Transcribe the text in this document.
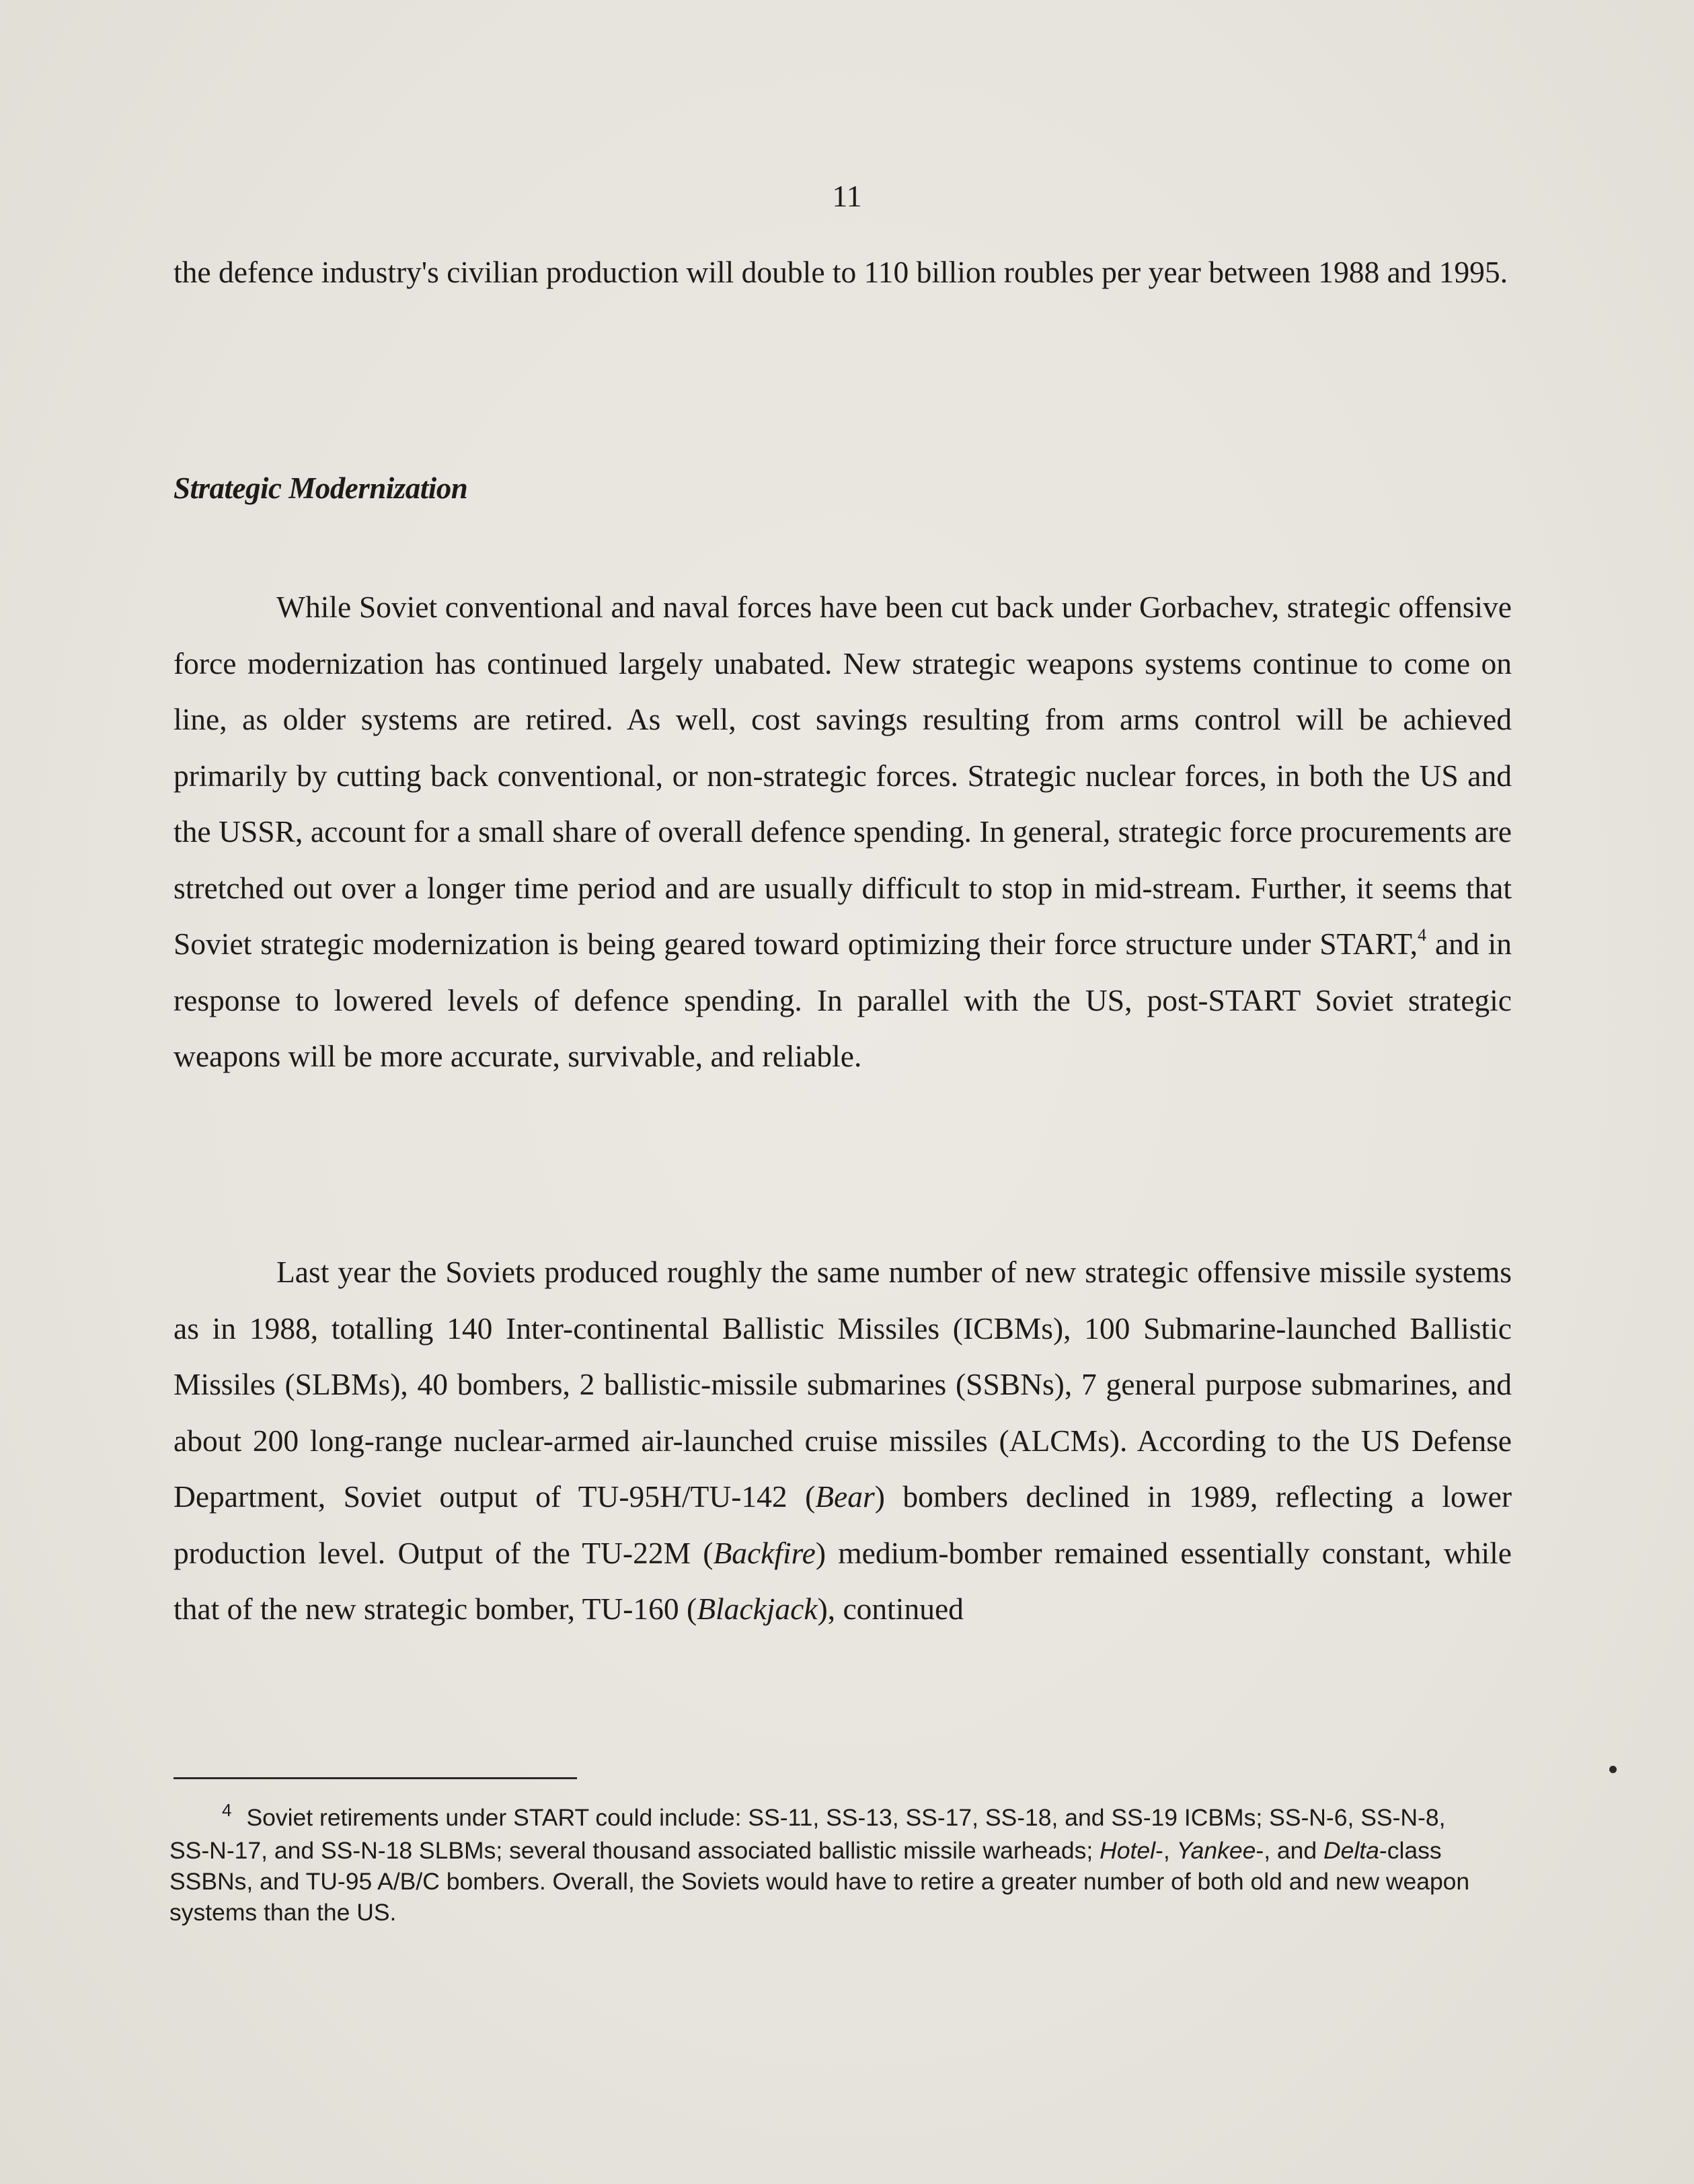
11

the defence industry's civilian production will double to 110 billion roubles per year between 1988 and 1995.

Strategic Modernization

While Soviet conventional and naval forces have been cut back under Gorbachev, strategic offensive force modernization has continued largely unabated. New strategic weapons systems continue to come on line, as older systems are retired. As well, cost savings resulting from arms control will be achieved primarily by cutting back conventional, or non-strategic forces. Strategic nuclear forces, in both the US and the USSR, account for a small share of overall defence spending. In general, strategic force procurements are stretched out over a longer time period and are usually difficult to stop in mid-stream. Further, it seems that Soviet strategic modernization is being geared toward optimizing their force structure under START,$^4$ and in response to lowered levels of defence spending. In parallel with the US, post-START Soviet strategic weapons will be more accurate, survivable, and reliable.

Last year the Soviets produced roughly the same number of new strategic offensive missile systems as in 1988, totalling 140 Inter-continental Ballistic Missiles (ICBMs), 100 Submarine-launched Ballistic Missiles (SLBMs), 40 bombers, 2 ballistic-missile submarines (SSBNs), 7 general purpose submarines, and about 200 long-range nuclear-armed air-launched cruise missiles (ALCMs). According to the US Defense Department, Soviet output of TU-95H/TU-142 (Bear) bombers declined in 1989, reflecting a lower production level. Output of the TU-22M (Backfire) medium-bomber remained essentially constant, while that of the new strategic bomber, TU-160 (Blackjack), continued

$^4$ Soviet retirements under START could include: SS-11, SS-13, SS-17, SS-18, and SS-19 ICBMs; SS-N-6, SS-N-8, SS-N-17, and SS-N-18 SLBMs; several thousand associated ballistic missile warheads; Hotel-, Yankee-, and Delta-class SSBNs, and TU-95 A/B/C bombers. Overall, the Soviets would have to retire a greater number of both old and new weapon systems than the US.
